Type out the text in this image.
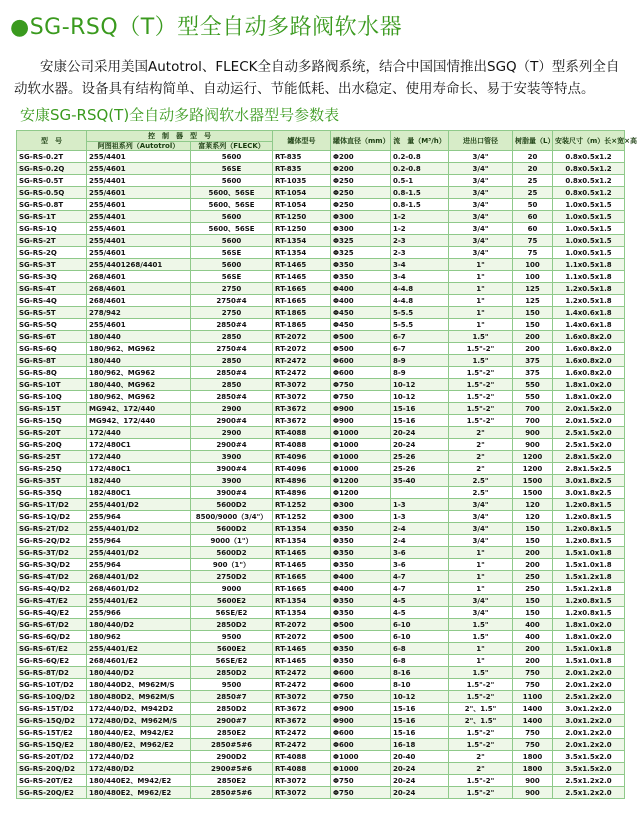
●SG-RSQ（T）型全自动多路阀软水器
安康公司采用美国Autotrol、FLECK全自动多路阀系统，结合中国国情推出SGQ（T）型系列全自动软水器。设备具有结构简单、自动运行、节能低耗、出水稳定、使用寿命长、易于安装等特点。
安康SG-RSQ(T)全自动多路阀软水器型号参数表
型　号	控　制　器　型　号		罐体型号	罐体直径（mm）	流　量（M³/h）	进出口管径	树脂量（L）	安装尺寸（m）长×宽×高
	阿图祖系列（Autotrol）	富莱系列（FLECK）						
SG-RS-0.2T	255/4401	5600	RT-835	Φ200	0.2-0.8	3/4"	20	0.8x0.5x1.2
SG-RS-0.2Q	255/4601	56SE	RT-835	Φ200	0.2-0.8	3/4"	20	0.8x0.5x1.2
SG-RS-0.5T	255/4401	5600	RT-1035	Φ250	0.5-1	3/4"	25	0.8x0.5x1.2
SG-RS-0.5Q	255/4601	5600、56SE	RT-1054	Φ250	0.8-1.5	3/4"	25	0.8x0.5x1.2
SG-RS-0.8T	255/4601	5600、56SE	RT-1054	Φ250	0.8-1.5	3/4"	50	1.0x0.5x1.5
SG-RS-1T	255/4401	5600	RT-1250	Φ300	1-2	3/4"	60	1.0x0.5x1.5
SG-RS-1Q	255/4601	5600、56SE	RT-1250	Φ300	1-2	3/4"	60	1.0x0.5x1.5
SG-RS-2T	255/4401	5600	RT-1354	Φ325	2-3	3/4"	75	1.0x0.5x1.5
SG-RS-2Q	255/4601	56SE	RT-1354	Φ325	2-3	3/4"	75	1.0x0.5x1.5
SG-RS-3T	255/4401268/4401	5600	RT-1465	Φ350	3-4	1"	100	1.1x0.5x1.8
SG-RS-3Q	268/4601	56SE	RT-1465	Φ350	3-4	1"	100	1.1x0.5x1.8
SG-RS-4T	268/4601	2750	RT-1665	Φ400	4-4.8	1"	125	1.2x0.5x1.8
SG-RS-4Q	268/4601	2750#4	RT-1665	Φ400	4-4.8	1"	125	1.2x0.5x1.8
SG-RS-5T	278/942	2750	RT-1865	Φ450	5-5.5	1"	150	1.4x0.6x1.8
SG-RS-5Q	255/4601	2850#4	RT-1865	Φ450	5-5.5	1"	150	1.4x0.6x1.8
SG-RS-6T	180/440	2850	RT-2072	Φ500	6-7	1.5"	200	1.6x0.8x2.0
SG-RS-6Q	180/962、MG962	2750#4	RT-2072	Φ500	6-7	1.5"-2"	200	1.6x0.8x2.0
SG-RS-8T	180/440	2850	RT-2472	Φ600	8-9	1.5"	375	1.6x0.8x2.0
SG-RS-8Q	180/962、MG962	2850#4	RT-2472	Φ600	8-9	1.5"-2"	375	1.6x0.8x2.0
SG-RS-10T	180/440、MG962	2850	RT-3072	Φ750	10-12	1.5"-2"	550	1.8x1.0x2.0
SG-RS-10Q	180/962、MG962	2850#4	RT-3072	Φ750	10-12	1.5"-2"	550	1.8x1.0x2.0
SG-RS-15T	MG942、172/440	2900	RT-3672	Φ900	15-16	1.5"-2"	700	2.0x1.5x2.0
SG-RS-15Q	MG942、172/440	2900#4	RT-3672	Φ900	15-16	1.5"-2"	700	2.0x1.5x2.0
SG-RS-20T	172/440	2900	RT-4088	Φ1000	20-24	2"	900	2.5x1.5x2.0
SG-RS-20Q	172/480C1	2900#4	RT-4088	Φ1000	20-24	2"	900	2.5x1.5x2.0
SG-RS-25T	172/440	3900	RT-4096	Φ1000	25-26	2"	1200	2.8x1.5x2.0
SG-RS-25Q	172/480C1	3900#4	RT-4096	Φ1000	25-26	2"	1200	2.8x1.5x2.5
SG-RS-35T	182/440	3900	RT-4896	Φ1200	35-40	2.5"	1500	3.0x1.8x2.5
SG-RS-35Q	182/480C1	3900#4	RT-4896	Φ1200		2.5"	1500	3.0x1.8x2.5
SG-RS-1T/D2	255/4401/D2	5600D2	RT-1252	Φ300	1-3	3/4"	120	1.2x0.8x1.5
SG-RS-1Q/D2	255/964	8500/9000（3/4"）	RT-1252	Φ300	1-3	3/4"	120	1.2x0.8x1.5
SG-RS-2T/D2	255/4401/D2	5600D2	RT-1354	Φ350	2-4	3/4"	150	1.2x0.8x1.5
SG-RS-2Q/D2	255/964	9000（1"）	RT-1354	Φ350	2-4	3/4"	150	1.2x0.8x1.5
SG-RS-3T/D2	255/4401/D2	5600D2	RT-1465	Φ350	3-6	1"	200	1.5x1.0x1.8
SG-RS-3Q/D2	255/964	900（1"）	RT-1465	Φ350	3-6	1"	200	1.5x1.0x1.8
SG-RS-4T/D2	268/4401/D2	2750D2	RT-1665	Φ400	4-7	1"	250	1.5x1.2x1.8
SG-RS-4Q/D2	268/4601/D2	9000	RT-1665	Φ400	4-7	1"	250	1.5x1.2x1.8
SG-RS-4T/E2	255/4401/E2	5600E2	RT-1354	Φ350	4-5	3/4"	150	1.2x0.8x1.5
SG-RS-4Q/E2	255/966	56SE/E2	RT-1354	Φ350	4-5	3/4"	150	1.2x0.8x1.5
SG-RS-6T/D2	180/440/D2	2850D2	RT-2072	Φ500	6-10	1.5"	400	1.8x1.0x2.0
SG-RS-6Q/D2	180/962	9500	RT-2072	Φ500	6-10	1.5"	400	1.8x1.0x2.0
SG-RS-6T/E2	255/4401/E2	5600E2	RT-1465	Φ350	6-8	1"	200	1.5x1.0x1.8
SG-RS-6Q/E2	268/4601/E2	56SE/E2	RT-1465	Φ350	6-8	1"	200	1.5x1.0x1.8
SG-RS-8T/D2	180/440/D2	2850D2	RT-2472	Φ600	8-16	1.5"	750	2.0x1.2x2.0
SG-RS-10T/D2	180/440D2、M962M/S	9500	RT-2472	Φ600	8-10	1.5"-2"	750	2.0x1.2x2.0
SG-RS-10Q/D2	180/480D2、M962M/S	2850#7	RT-3072	Φ750	10-12	1.5"-2"	1100	2.5x1.2x2.0
SG-RS-15T/D2	172/440/D2、M942D2	2850D2	RT-3672	Φ900	15-16	2"、1.5"	1400	3.0x1.2x2.0
SG-RS-15Q/D2	172/480/D2、M962M/S	2900#7	RT-3672	Φ900	15-16	2"、1.5"	1400	3.0x1.2x2.0
SG-RS-15T/E2	180/440/E2、M942/E2	2850E2	RT-2472	Φ600	15-16	1.5"-2"	750	2.0x1.2x2.0
SG-RS-15Q/E2	180/480/E2、M962/E2	2850#5#6	RT-2472	Φ600	16-18	1.5"-2"	750	2.0x1.2x2.0
SG-RS-20T/D2	172/440/D2	2900D2	RT-4088	Φ1000	20-40	2"	1800	3.5x1.5x2.0
SG-RS-20Q/D2	172/480/D2	2900#5#6	RT-4088	Φ1000	20-24	2"	1800	3.5x1.5x2.0
SG-RS-20T/E2	180/440E2、M942/E2	2850E2	RT-3072	Φ750	20-24	1.5"-2"	900	2.5x1.2x2.0
SG-RS-20Q/E2	180/480E2、M962/E2	2850#5#6	RT-3072	Φ750	20-24	1.5"-2"	900	2.5x1.2x2.0
